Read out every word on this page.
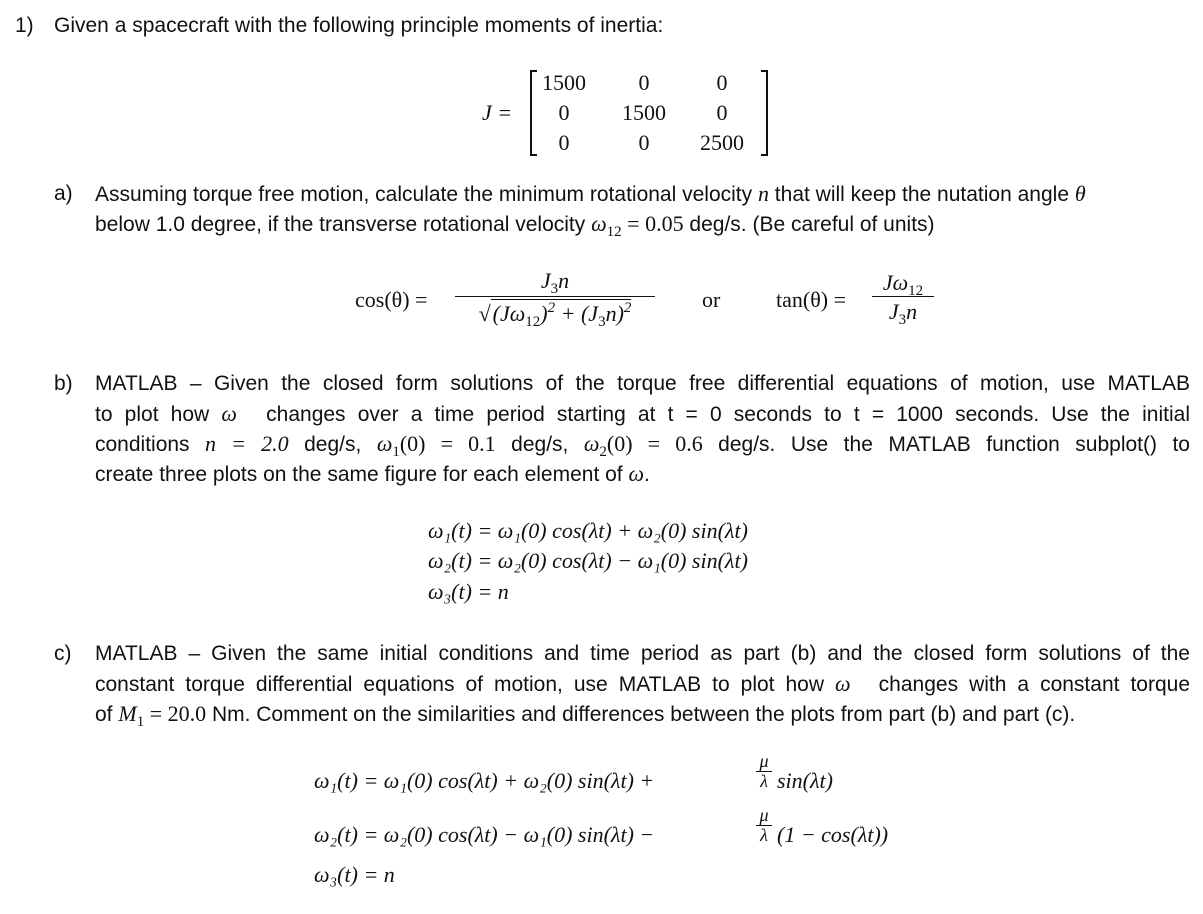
1) Given a spacecraft with the following principle moments of inertia:
J =
1500	0	0
0	1500	0
0	0	2500
a) Assuming torque free motion, calculate the minimum rotational velocity n that will keep the nutation angle θ
below 1.0 degree, if the transverse rotational velocity $\omega_{12} = 0.05$ deg/s. (Be careful of units)
cos(θ) =
$J_3n$
$√(J\omega_{12})^2 + (J_3n)^2$	or	tan(θ) =
$J\omega_{12}$
$J_3n$
b) MATLAB – Given the closed form solutions of the torque free differential equations of motion, use MATLAB
to plot how ω⃗ changes over a time period starting at t = 0 seconds to t = 1000 seconds. Use the initial
conditions n = 2.0 deg/s, $\omega_1(0) = 0.1$ deg/s, $\omega_2(0) = 0.6$ deg/s. Use the MATLAB function subplot() to
create three plots on the same figure for each element of ω.
ω₁(t) = ω₁(0) cos(λt) + ω₂(0) sin(λt)
ω₂(t) = ω₂(0) cos(λt) − ω₁(0) sin(λt)
ω₃(t) = n
c) MATLAB – Given the same initial conditions and time period as part (b) and the closed form solutions of the
constant torque differential equations of motion, use MATLAB to plot how ω⃗ changes with a constant torque
of $M_1 = 20.0$ Nm. Comment on the similarities and differences between the plots from part (b) and part (c).
ω₁(t) = ω₁(0) cos(λt) + ω₂(0) sin(λt) +
μ
λ sin(λt)
ω₂(t) = ω₂(0) cos(λt) − ω₁(0) sin(λt) −
μ
λ (1 − cos(λt))
ω₃(t) = n
